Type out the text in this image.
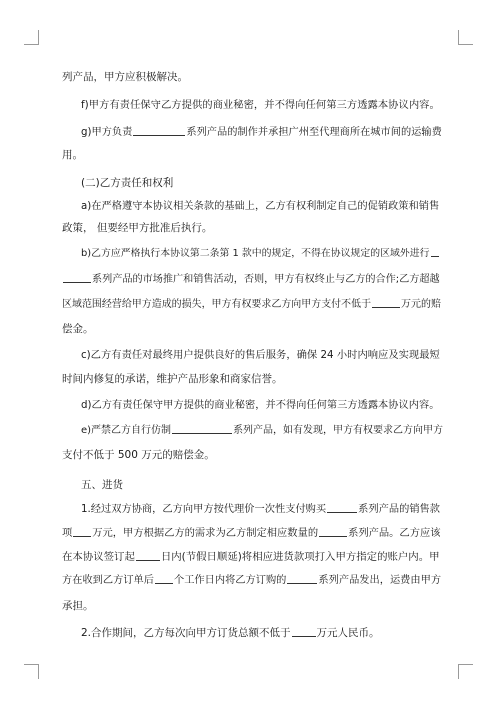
列产品，甲方应积极解决。
f)甲方有责任保守乙方提供的商业秘密，并不得向任何第三方透露本协议内容。
g)甲方负责	系列产品的制作并承担广州至代理商所在城市间的运输费
用。
(二)乙方责任和权利
a)在严格遵守本协议相关条款的基础上，乙方有权利制定自己的促销政策和销售
政策， 但要经甲方批准后执行。
b)乙方应严格执行本协议第二条第 1 款中的规定，不得在协议规定的区域外进行
系列产品的市场推广和销售活动，否则，甲方有权终止与乙方的合作;乙方超越
区域范围经营给甲方造成的损失，甲方有权要求乙方向甲方支付不低于	万元的赔
偿金。
c)乙方有责任对最终用户提供良好的售后服务，确保 24 小时内响应及实现最短
时间内修复的承诺，维护产品形象和商家信誉。
d)乙方有责任保守甲方提供的商业秘密，并不得向任何第三方透露本协议内容。
e)严禁乙方自行仿制	系列产品，如有发现，甲方有权要求乙方向甲方
支付不低于 500 万元的赔偿金。
五、进货
1.经过双方协商，乙方向甲方按代理价一次性支付购买	系列产品的销售款
项 万元，甲方根据乙方的需求为乙方制定相应数量的	系列产品。乙方应该
在本协议签订起 日内(节假日顺延)将相应进货款项打入甲方指定的账户内。甲
方在收到乙方订单后 个工作日内将乙方订购的	系列产品发出，运费由甲方
承担。
2.合作期间，乙方每次向甲方订货总额不低于 万元人民币。
